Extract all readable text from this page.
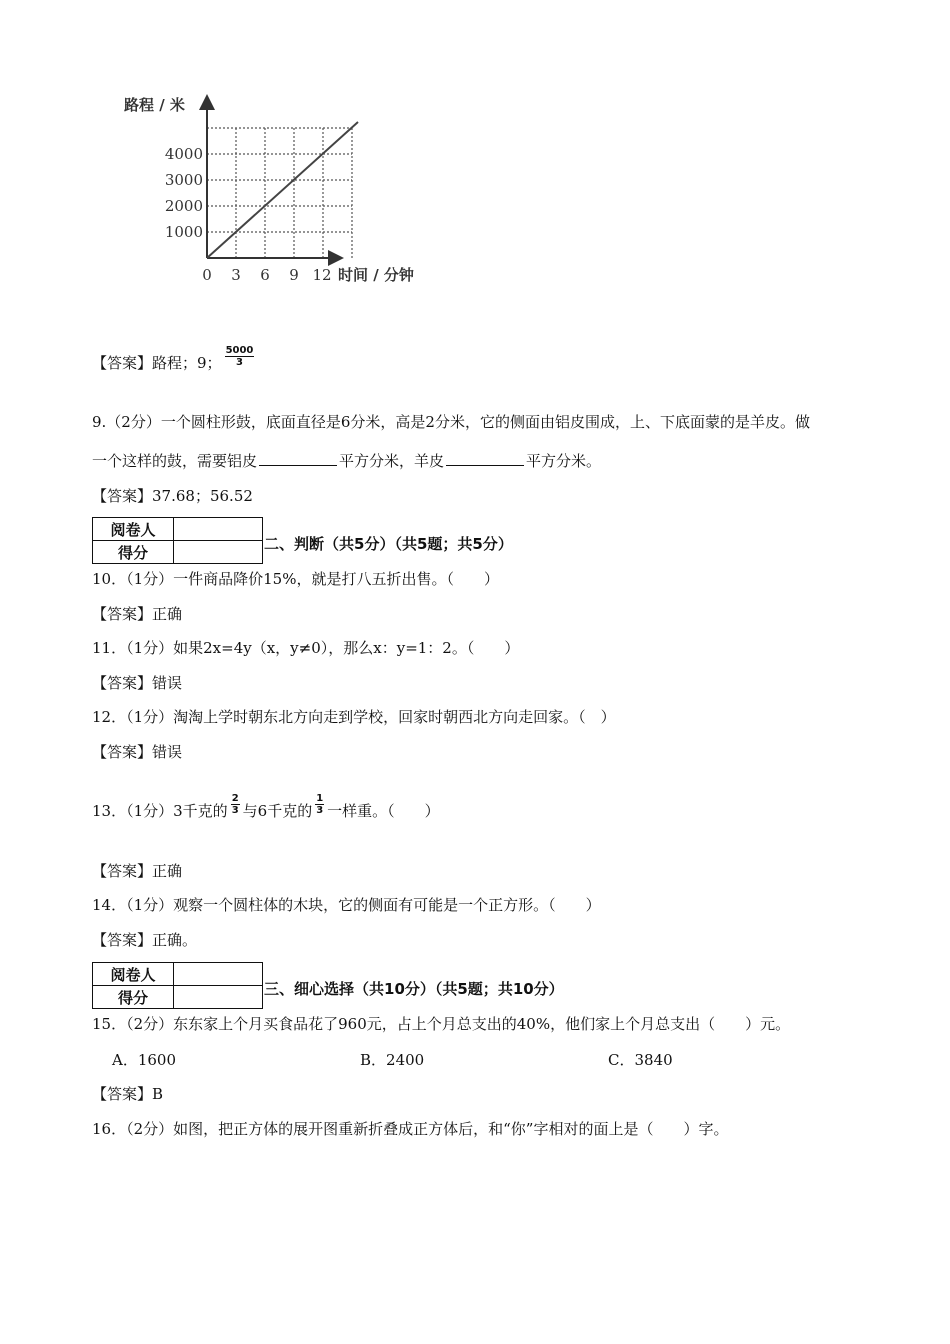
路程 / 米
时间 / 分钟
4000
3000
2000
1000
0 3 6 9 12
【答案】路程；9； $\frac{5000}{3}$
9.（2分）一个圆柱形鼓，底面直径是6分米，高是2分米，它的侧面由铝皮围成，上、下底面蒙的是羊皮。做
一个这样的鼓，需要铝皮	平方分米，羊皮	平方分米。
【答案】37.68；56.52
阅卷人	
得分		二、判断（共5分）（共5题；共5分）
10．（1分）一件商品降价15%，就是打八五折出售。（　　）
【答案】正确
11．（1分）如果2x=4y（x，y≠0），那么x：y=1：2。（　　）
【答案】错误
12．（1分）淘淘上学时朝东北方向走到学校，回家时朝西北方向走回家。（　）
【答案】错误
13．（1分）3千克的 $\frac{2}{3}$ 与6千克的 $\frac{1}{3}$ 一样重。（　　）
【答案】正确
14．（1分）观察一个圆柱体的木块，它的侧面有可能是一个正方形。（　　）
【答案】正确。
阅卷人	
得分		三、细心选择（共10分）（共5题；共10分）
15．（2分）东东家上个月买食品花了960元，占上个月总支出的40%，他们家上个月总支出（　　）元。
A．1600	B．2400	C．3840
【答案】B
16．（2分）如图，把正方体的展开图重新折叠成正方体后，和“你”字相对的面上是（　　）字。
